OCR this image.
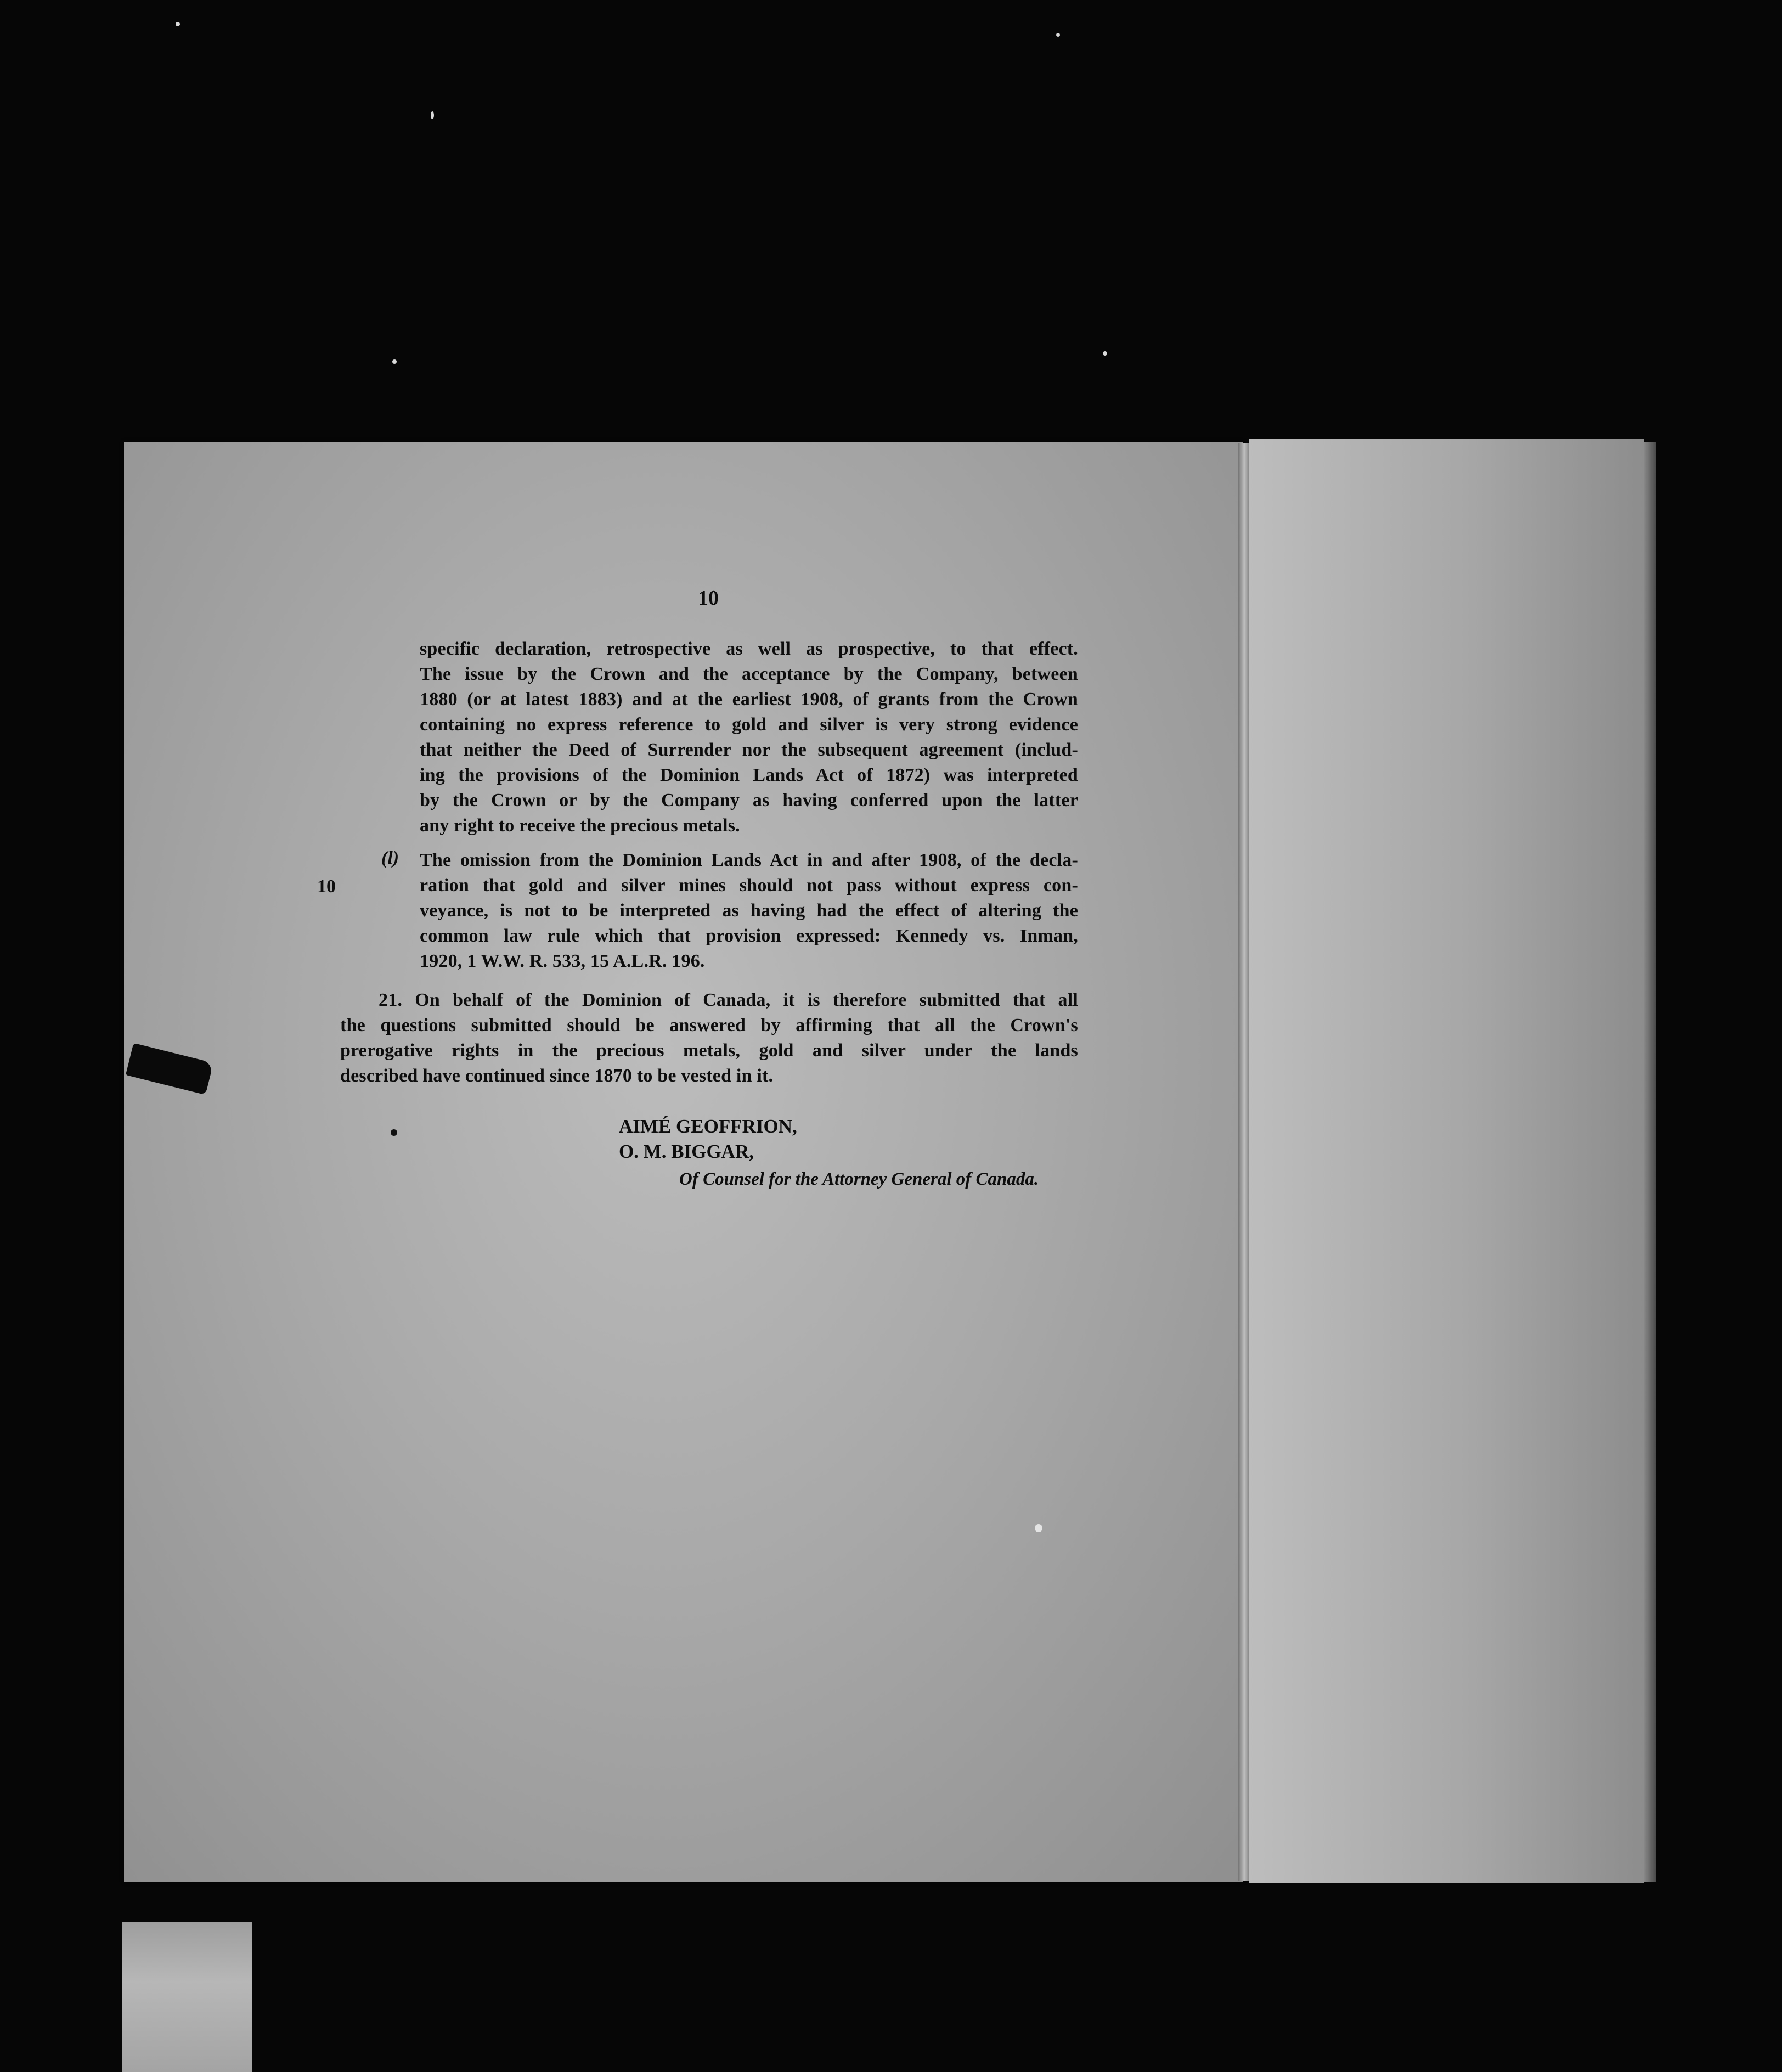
10
specific declaration, retrospective as well as prospective, to that effect.
The issue by the Crown and the acceptance by the Company, between
1880 (or at latest 1883) and at the earliest 1908, of grants from the Crown
containing no express reference to gold and silver is very strong evidence
that neither the Deed of Surrender nor the subsequent agreement (includ-
ing the provisions of the Dominion Lands Act of 1872) was interpreted
by the Crown or by the Company as having conferred upon the latter
any right to receive the precious metals.
(l)
10
The omission from the Dominion Lands Act in and after 1908, of the decla-
ration that gold and silver mines should not pass without express con-
veyance, is not to be interpreted as having had the effect of altering the
common law rule which that provision expressed: Kennedy vs. Inman,
1920, 1 W.W. R. 533, 15 A.L.R. 196.
21. On behalf of the Dominion of Canada, it is therefore submitted that all
the questions submitted should be answered by affirming that all the Crown's
prerogative rights in the precious metals, gold and silver under the lands
described have continued since 1870 to be vested in it.
AIMÉ GEOFFRION,
O. M. BIGGAR,
Of Counsel for the Attorney General of Canada.
